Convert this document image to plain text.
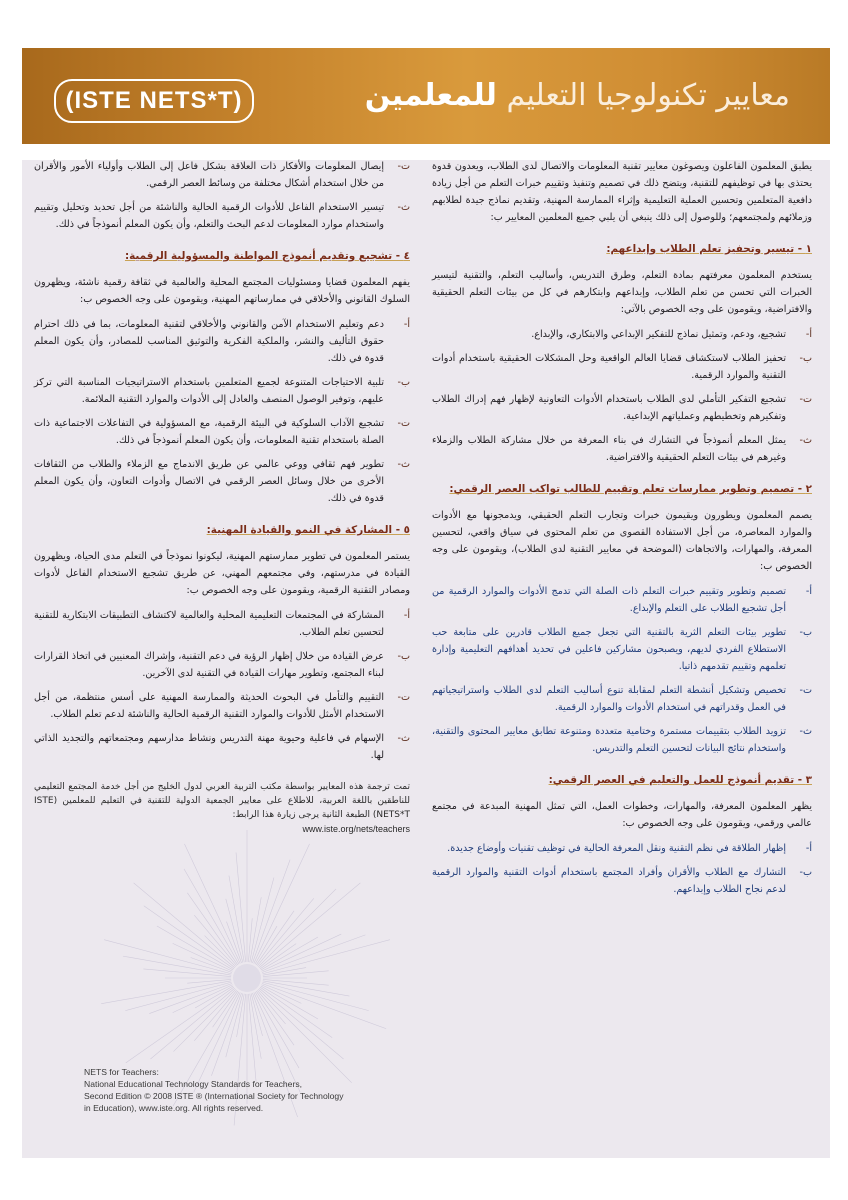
(ISTE NETS*T)	معايير تكنولوجيا التعليم للمعلمين

يطبق المعلمون الفاعلون ويصوغون معايير تقنية المعلومات والاتصال لدى الطلاب، ويعدون قدوة يحتذى بها في توظيفهم للتقنية، ويتضح ذلك في تصميم وتنفيذ وتقييم خبرات التعلم من أجل زيادة دافعية المتعلمين وتحسين العملية التعليمية وإثراء الممارسة المهنية، وتقديم نماذج جيدة لطلابهم وزملائهم ولمجتمعهم؛ وللوصول إلى ذلك ينبغي أن يلبي جميع المعلمين المعايير ب:

١ - تيسير وتحفيز تعلم الطلاب وإبداعهم:

يستخدم المعلمون معرفتهم بمادة التعلم، وطرق التدريس، وأساليب التعلم، والتقنية لتيسير الخبرات التي تحسن من تعلم الطلاب، وإبداعهم وابتكارهم في كل من بيئات التعلم الحقيقية والافتراضية، ويقومون على وجه الخصوص بالآتي:

أ-
تشجيع، ودعم، وتمثيل نماذج للتفكير الإبداعي والابتكاري، والإبداع.
ب-
تحفيز الطلاب لاستكشاف قضايا العالم الواقعية وحل المشكلات الحقيقية باستخدام أدوات التقنية والموارد الرقمية.
ت-
تشجيع التفكير التأملي لدى الطلاب باستخدام الأدوات التعاونية لإظهار فهم إدراك الطلاب وتفكيرهم وتخطيطهم وعملياتهم الإبداعية.
ث-
يمثل المعلم أنموذجاً في التشارك في بناء المعرفة من خلال مشاركة الطلاب والزملاء وغيرهم في بيئات التعلم الحقيقية والافتراضية.
٢ - تصميم وتطوير ممارسات تعلم وتقييم للطالب تواكب العصر الرقمي:

يصمم المعلمون ويطورون ويقيمون خبرات وتجارب التعلم الحقيقي، ويدمجونها مع الأدوات والموارد المعاصرة، من أجل الاستفادة القصوى من تعلم المحتوى في سياق واقعي، لتحسين المعرفة، والمهارات، والاتجاهات (الموضحة في معايير التقنية لدى الطلاب)، ويقومون على وجه الخصوص ب:

أ-
تصميم وتطوير وتقييم خبرات التعلم ذات الصلة التي تدمج الأدوات والموارد الرقمية من أجل تشجيع الطلاب على التعلم والإبداع.
ب-
تطوير بيئات التعلم الثرية بالتقنية التي تجعل جميع الطلاب قادرين على متابعة حب الاستطلاع الفردي لديهم، ويصبحون مشاركين فاعلين في تحديد أهدافهم التعليمية وإدارة تعلمهم وتقييم تقدمهم ذاتيا.
ت-
تخصيص وتشكيل أنشطة التعلم لمقابلة تنوع أساليب التعلم لدى الطلاب واستراتيجياتهم في العمل وقدراتهم في استخدام الأدوات والموارد الرقمية.
ث-
تزويد الطلاب بتقييمات مستمرة وختامية متعددة ومتنوعة تطابق معايير المحتوى والتقنية، واستخدام نتائج البيانات لتحسين التعلم والتدريس.
٣ - تقديم أنموذج للعمل والتعليم في العصر الرقمي:

يظهر المعلمون المعرفة، والمهارات، وخطوات العمل، التي تمثل المهنية المبدعة في مجتمع عالمي ورقمي، ويقومون على وجه الخصوص ب:

أ-
إظهار الطلاقة في نظم التقنية ونقل المعرفة الحالية في توظيف تقنيات وأوضاع جديدة.
ب-
التشارك مع الطلاب والأقران وأفراد المجتمع باستخدام أدوات التقنية والموارد الرقمية لدعم نجاح الطلاب وإبداعهم.
ت-
إيصال المعلومات والأفكار ذات العلاقة بشكل فاعل إلى الطلاب وأولياء الأمور والأقران من خلال استخدام أشكال مختلفة من وسائط العصر الرقمي.
ث-
تيسير الاستخدام الفاعل للأدوات الرقمية الحالية والناشئة من أجل تحديد وتحليل وتقييم واستخدام موارد المعلومات لدعم البحث والتعلم، وأن يكون المعلم أنموذجاً في ذلك.
٤ - تشجيع وتقديم أنموذج المواطنة والمسؤولية الرقمية:

يفهم المعلمون قضايا ومسئوليات المجتمع المحلية والعالمية في ثقافة رقمية ناشئة، ويظهرون السلوك القانوني والأخلاقي في ممارساتهم المهنية، ويقومون على وجه الخصوص ب:

أ-
دعم وتعليم الاستخدام الآمن والقانوني والأخلاقي لتقنية المعلومات، بما في ذلك احترام حقوق التأليف والنشر، والملكية الفكرية والتوثيق المناسب للمصادر، وأن يكون المعلم قدوة في ذلك.
ب-
تلبية الاحتياجات المتنوعة لجميع المتعلمين باستخدام الاستراتيجيات المناسبة التي تركز عليهم، وتوفير الوصول المنصف والعادل إلى الأدوات والموارد التقنية الملائمة.
ت-
تشجيع الآداب السلوكية في البيئة الرقمية، مع المسؤولية في التفاعلات الاجتماعية ذات الصلة باستخدام تقنية المعلومات، وأن يكون المعلم أنموذجاً في ذلك.
ث-
تطوير فهم ثقافي ووعي عالمي عن طريق الاندماج مع الزملاء والطلاب من الثقافات الأخرى من خلال وسائل العصر الرقمي في الاتصال وأدوات التعاون، وأن يكون المعلم قدوة في ذلك.
٥ - المشاركة في النمو والقيادة المهنية:

يستمر المعلمون في تطوير ممارستهم المهنية، ليكونوا نموذجاً في التعلم مدى الحياة، ويظهرون القيادة في مدرستهم، وفي مجتمعهم المهني، عن طريق تشجيع الاستخدام الفاعل لأدوات ومصادر التقنية الرقمية، ويقومون على وجه الخصوص ب:

أ-
المشاركة في المجتمعات التعليمية المحلية والعالمية لاكتشاف التطبيقات الابتكارية للتقنية لتحسين تعلم الطلاب.
ب-
عرض القيادة من خلال إظهار الرؤية في دعم التقنية، وإشراك المعنيين في اتخاذ القرارات لبناء المجتمع، وتطوير مهارات القيادة في التقنية لدى الآخرين.
ت-
التقييم والتأمل في البحوث الحديثة والممارسة المهنية على أسس منتظمة، من أجل الاستخدام الأمثل للأدوات والموارد التقنية الرقمية الحالية والناشئة لدعم تعلم الطلاب.
ث-
الإسهام في فاعلية وحيوية مهنة التدريس ونشاط مدارسهم ومجتمعاتهم والتجديد الذاتي لها.
تمت ترجمة هذه المعايير بواسطة مكتب التربية العربي لدول الخليج من أجل خدمة المجتمع التعليمي للناطقين باللغة العربية، للاطلاع على معايير الجمعية الدولية للتقنية في التعليم للمعلمين (ISTE NETS*T) الطبعة الثانية يرجى زيارة هذا الرابط:
www.iste.org/nets/teachers
NETS for Teachers:
National Educational Technology Standards for Teachers,
Second Edition © 2008 ISTE ® (International Society for Technology
in Education), www.iste.org. All rights reserved.
